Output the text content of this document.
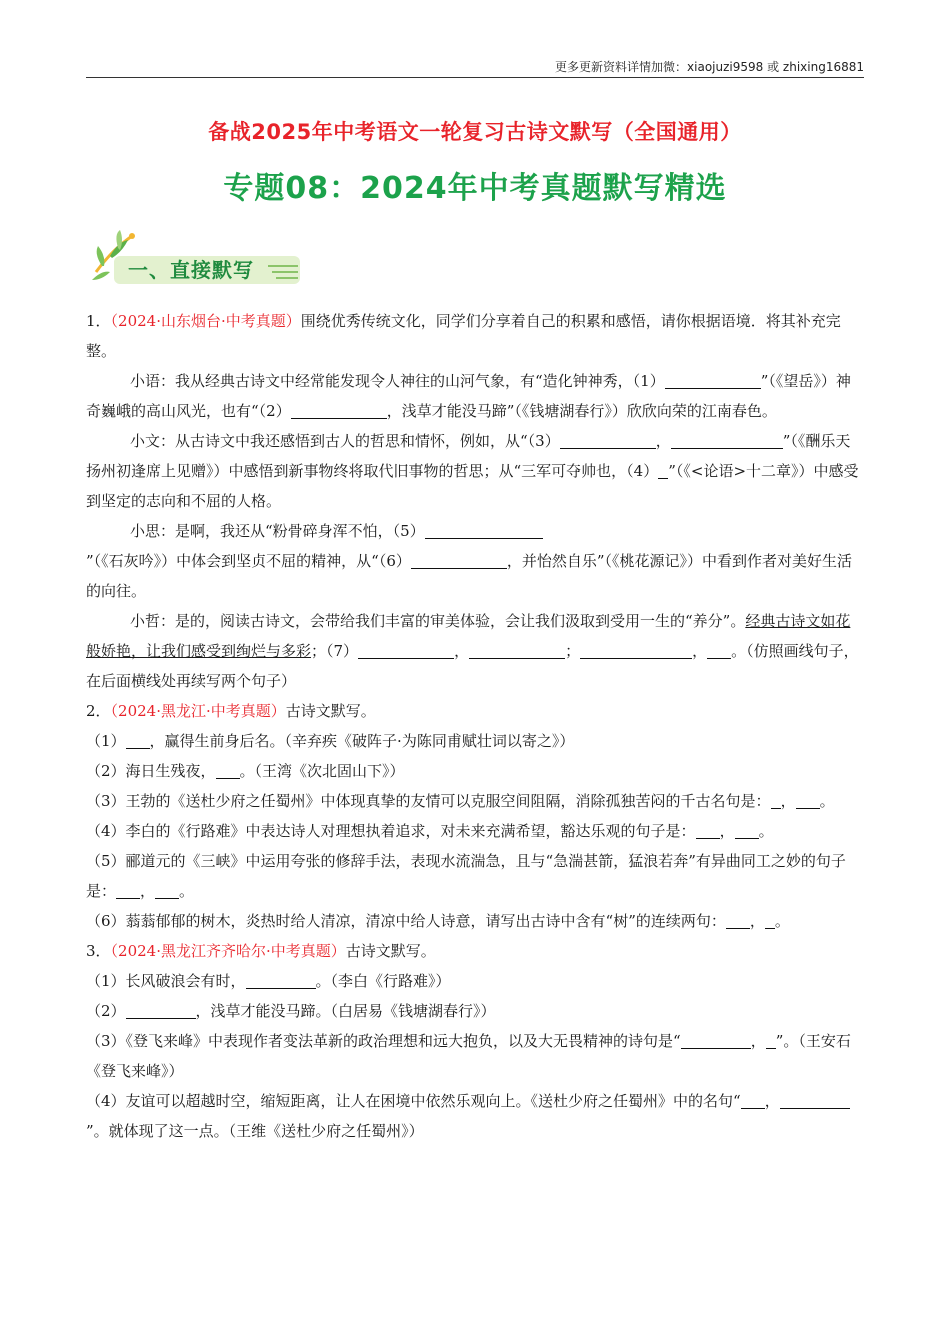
更多更新资料详情加微：xiaojuzi9598 或 zhixing16881
备战2025年中考语文一轮复习古诗文默写（全国通用）
专题08：2024年中考真题默写精选
一、直接默写

1．（2024·山东烟台·中考真题）围绕优秀传统文化，同学们分享着自己的积累和感悟，请你根据语境．将其补充完整。

小语：我从经典古诗文中经常能发现令人神往的山河气象，有“造化钟神秀，（1）	”（《望岳》）神奇巍峨的高山风光，也有“（2）	，浅草才能没马蹄”（《钱塘湖春行》）欣欣向荣的江南春色。

小文：从古诗文中我还感悟到古人的哲思和情怀，例如，从“（3）	，	”（《酬乐天扬州初逢席上见赠》）中感悟到新事物终将取代旧事物的哲思；从“三军可夺帅也，（4） ”（《<论语>十二章》）中感受到坚定的志向和不屈的人格。

小思：是啊，我还从“粉骨碎身浑不怕，（5）”（《石灰吟》）中体会到坚贞不屈的精神，从“（6）	，并怡然自乐”（《桃花源记》）中看到作者对美好生活的向往。

小哲：是的，阅读古诗文，会带给我们丰富的审美体验，会让我们汲取到受用一生的“养分”。经典古诗文如花般娇艳，让我们感受到绚烂与多彩；（7）	，	；	， 。（仿照画线句子，在后面横线处再续写两个句子）

2．（2024·黑龙江·中考真题）古诗文默写。

（1） ，赢得生前身后名。（辛弃疾《破阵子·为陈同甫赋壮词以寄之》）

（2）海日生残夜， 。（王湾《次北固山下》）

（3）王勃的《送杜少府之任蜀州》中体现真挚的友情可以克服空间阻隔，消除孤独苦闷的千古名句是： ， 。

（4）李白的《行路难》中表达诗人对理想执着追求，对未来充满希望，豁达乐观的句子是： ， 。

（5）郦道元的《三峡》中运用夸张的修辞手法，表现水流湍急，且与“急湍甚箭，猛浪若奔”有异曲同工之妙的句子是： ， 。

（6）蓊蓊郁郁的树木，炎热时给人清凉，清凉中给人诗意，请写出古诗中含有“树”的连续两句： ， 。

3．（2024·黑龙江齐齐哈尔·中考真题）古诗文默写。

（1）长风破浪会有时，	。（李白《行路难》）

（2）	，浅草才能没马蹄。（白居易《钱塘湖春行》）

（3）《登飞来峰》中表现作者变法革新的政治理想和远大抱负，以及大无畏精神的诗句是“	， ”。（王安石《登飞来峰》）

（4）友谊可以超越时空，缩短距离，让人在困境中依然乐观向上。《送杜少府之任蜀州》中的名句“ ，”。就体现了这一点。（王维《送杜少府之任蜀州》）
